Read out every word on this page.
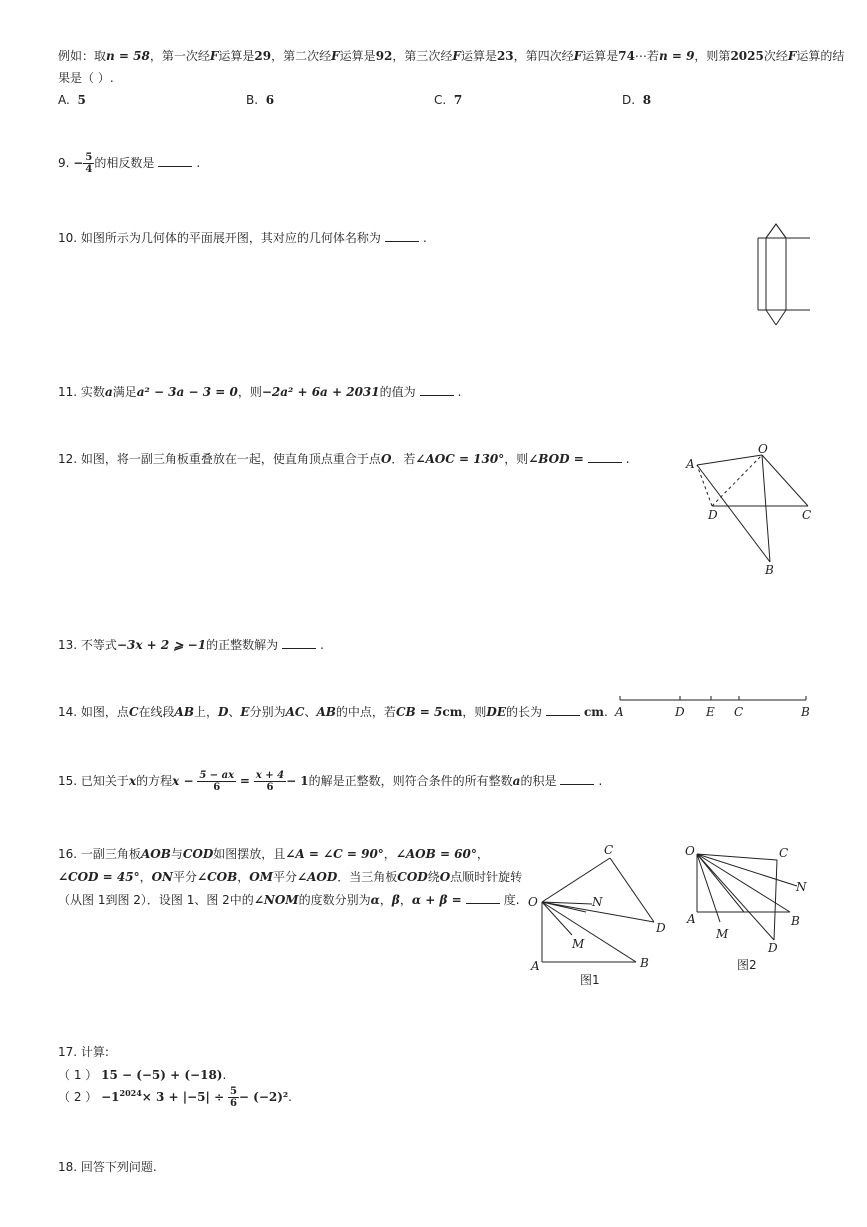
例如：取n = 58，第一次经F运算是29，第二次经F运算是92，第三次经F运算是23，第四次经F运算是74⋯若n = 9，则第2025次经F运算的结
果是（ ）.
A. 5	B. 6	C. 7	D. 8
9. − $\frac{5}{4}$ 的相反数是	.
10. 如图所示为几何体的平面展开图，其对应的几何体名称为	.
11. 实数a满足a² − 3a − 3 = 0，则−2a² + 6a + 2031的值为	.
12. 如图，将一副三角板重叠放在一起，使直角顶点重合于点O．若∠AOC = 130°，则∠BOD =	.
O
A
D	C
B
13. 不等式−3x + 2 ⩾ −1的正整数解为	.
14. 如图，点C在线段AB上，D、E分别为AC、AB的中点，若CB = 5cm，则DE的长为	cm. A	D E C	B
15. 已知关于x的方程$x - \frac{5 - ax}{6} = \frac{x + 4}{6} - 1$的解是正整数，则符合条件的所有整数a的积是	.
16. 一副三角板AOB与COD如图摆放，且∠A = ∠C = 90°，∠AOB = 60°，
∠COD = 45°，ON平分∠COB，OM平分∠AOD．当三角板COD绕O点顺时针旋转
（从图 1到图 2）．设图 1、图 2中的∠NOM的度数分别为α，β，α + β =	度. O	N
C
M
D
A	B
图1
O	C
N
A
M
B
D
图2
17. 计算:
（ 1 ） 15 − (−5) + (−18).
（ 2 ） $-1^{2024}\times 3 + |-5| \div \frac{5}{6} - (-2)^2$.
18. 回答下列问题.
